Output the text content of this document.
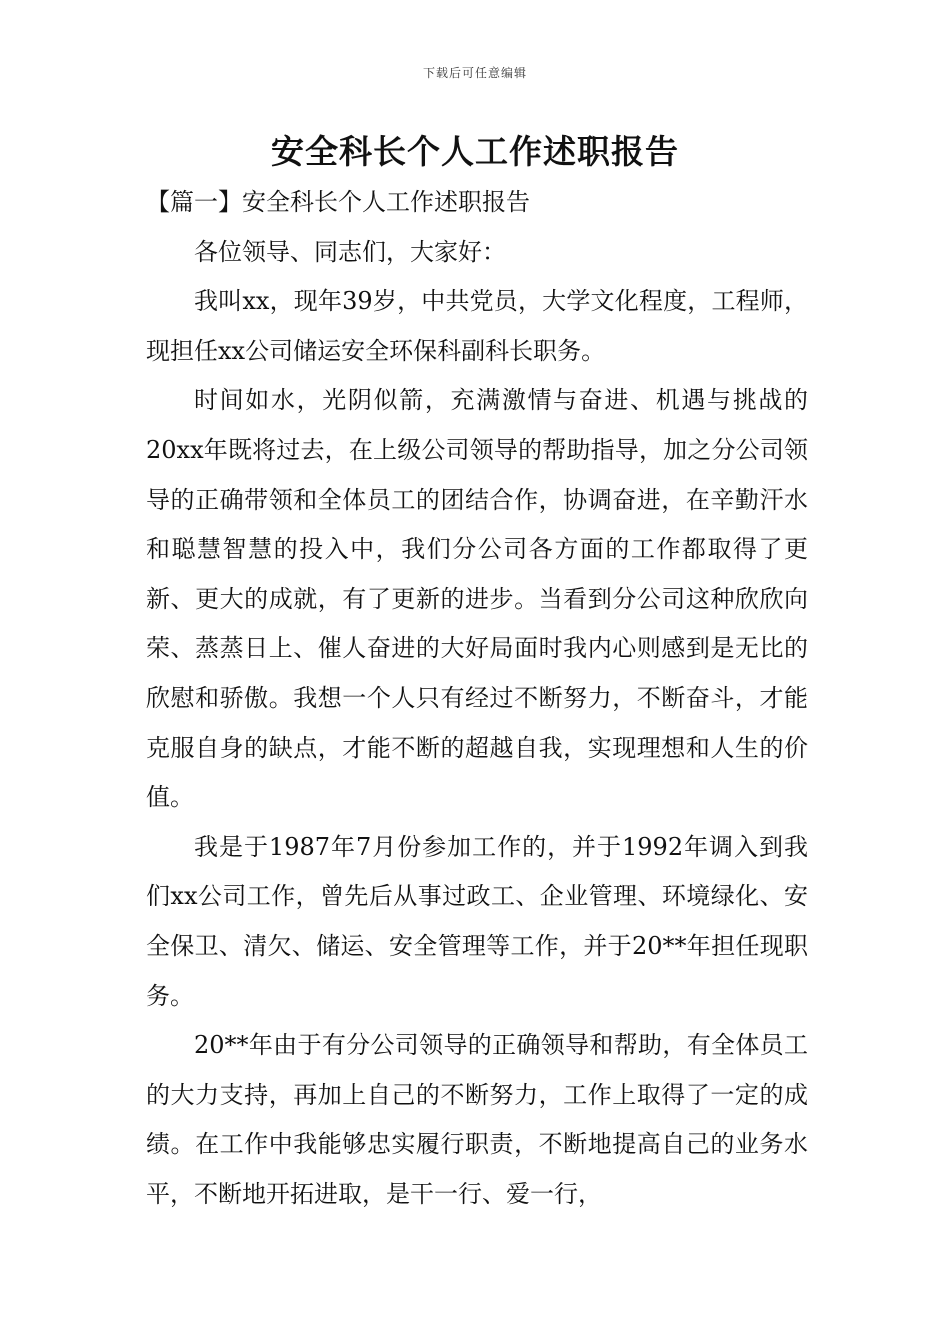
下载后可任意编辑
安全科长个人工作述职报告

【篇一】安全科长个人工作述职报告

各位领导、同志们，大家好：

我叫xx，现年39岁，中共党员，大学文化程度，工程师，现担任xx公司储运安全环保科副科长职务。

时间如水，光阴似箭，充满激情与奋进、机遇与挑战的20xx年既将过去，在上级公司领导的帮助指导，加之分公司领导的正确带领和全体员工的团结合作，协调奋进，在辛勤汗水和聪慧智慧的投入中，我们分公司各方面的工作都取得了更新、更大的成就，有了更新的进步。当看到分公司这种欣欣向荣、蒸蒸日上、催人奋进的大好局面时我内心则感到是无比的欣慰和骄傲。我想一个人只有经过不断努力，不断奋斗，才能克服自身的缺点，才能不断的超越自我，实现理想和人生的价值。

我是于1987年7月份参加工作的，并于1992年调入到我们xx公司工作，曾先后从事过政工、企业管理、环境绿化、安全保卫、清欠、储运、安全管理等工作，并于20**年担任现职务。

20**年由于有分公司领导的正确领导和帮助，有全体员工的大力支持，再加上自己的不断努力，工作上取得了一定的成绩。在工作中我能够忠实履行职责，不断地提高自己的业务水平，不断地开拓进取，是干一行、爱一行，
